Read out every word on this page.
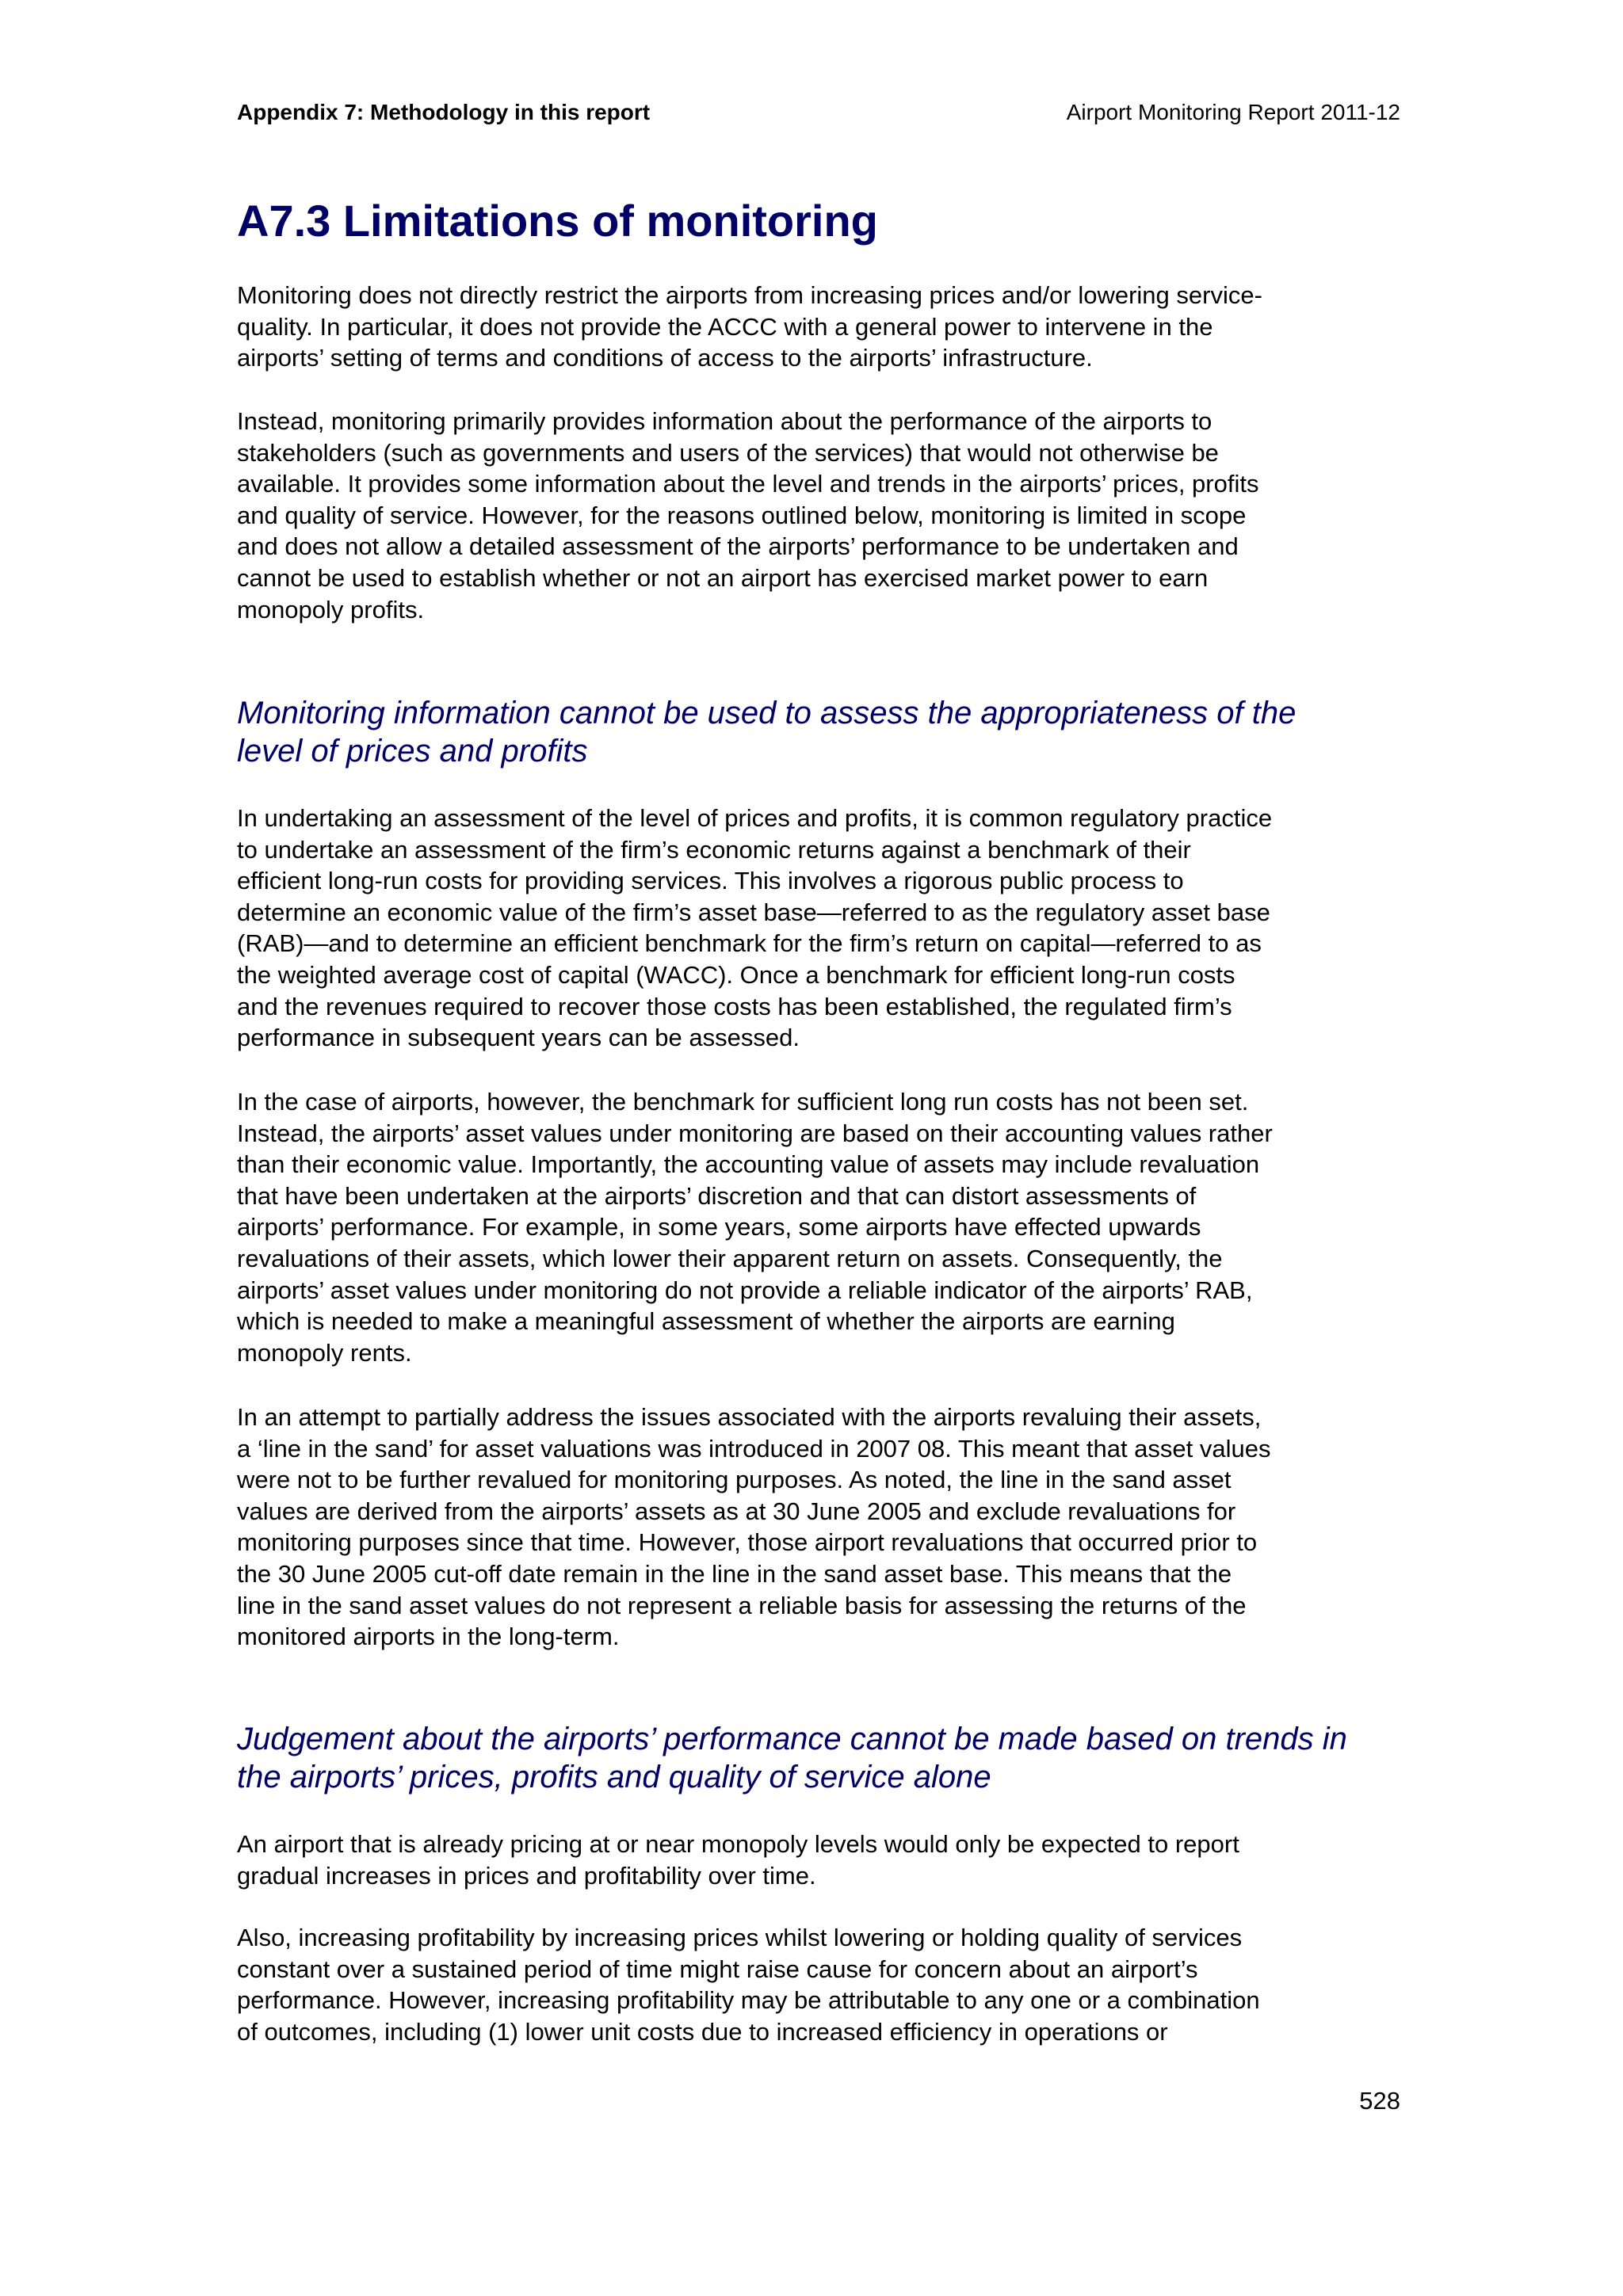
Appendix 7: Methodology in this report	Airport Monitoring Report 2011-12
A7.3 Limitations of monitoring
Monitoring does not directly restrict the airports from increasing prices and/or lowering service-
quality. In particular, it does not provide the ACCC with a general power to intervene in the
airports’ setting of terms and conditions of access to the airports’ infrastructure.
Instead, monitoring primarily provides information about the performance of the airports to
stakeholders (such as governments and users of the services) that would not otherwise be
available. It provides some information about the level and trends in the airports’ prices, profits
and quality of service. However, for the reasons outlined below, monitoring is limited in scope
and does not allow a detailed assessment of the airports’ performance to be undertaken and
cannot be used to establish whether or not an airport has exercised market power to earn
monopoly profits.
Monitoring information cannot be used to assess the appropriateness of the
level of prices and profits
In undertaking an assessment of the level of prices and profits, it is common regulatory practice
to undertake an assessment of the firm’s economic returns against a benchmark of their
efficient long-run costs for providing services. This involves a rigorous public process to
determine an economic value of the firm’s asset base—referred to as the regulatory asset base
(RAB)—and to determine an efficient benchmark for the firm’s return on capital—referred to as
the weighted average cost of capital (WACC). Once a benchmark for efficient long-run costs
and the revenues required to recover those costs has been established, the regulated firm’s
performance in subsequent years can be assessed.
In the case of airports, however, the benchmark for sufficient long run costs has not been set.
Instead, the airports’ asset values under monitoring are based on their accounting values rather
than their economic value. Importantly, the accounting value of assets may include revaluation
that have been undertaken at the airports’ discretion and that can distort assessments of
airports’ performance. For example, in some years, some airports have effected upwards
revaluations of their assets, which lower their apparent return on assets. Consequently, the
airports’ asset values under monitoring do not provide a reliable indicator of the airports’ RAB,
which is needed to make a meaningful assessment of whether the airports are earning
monopoly rents.
In an attempt to partially address the issues associated with the airports revaluing their assets,
a ‘line in the sand’ for asset valuations was introduced in 2007 08. This meant that asset values
were not to be further revalued for monitoring purposes. As noted, the line in the sand asset
values are derived from the airports’ assets as at 30 June 2005 and exclude revaluations for
monitoring purposes since that time. However, those airport revaluations that occurred prior to
the 30 June 2005 cut-off date remain in the line in the sand asset base. This means that the
line in the sand asset values do not represent a reliable basis for assessing the returns of the
monitored airports in the long-term.
Judgement about the airports’ performance cannot be made based on trends in
the airports’ prices, profits and quality of service alone
An airport that is already pricing at or near monopoly levels would only be expected to report
gradual increases in prices and profitability over time.
Also, increasing profitability by increasing prices whilst lowering or holding quality of services
constant over a sustained period of time might raise cause for concern about an airport’s
performance. However, increasing profitability may be attributable to any one or a combination
of outcomes, including (1) lower unit costs due to increased efficiency in operations or
528
